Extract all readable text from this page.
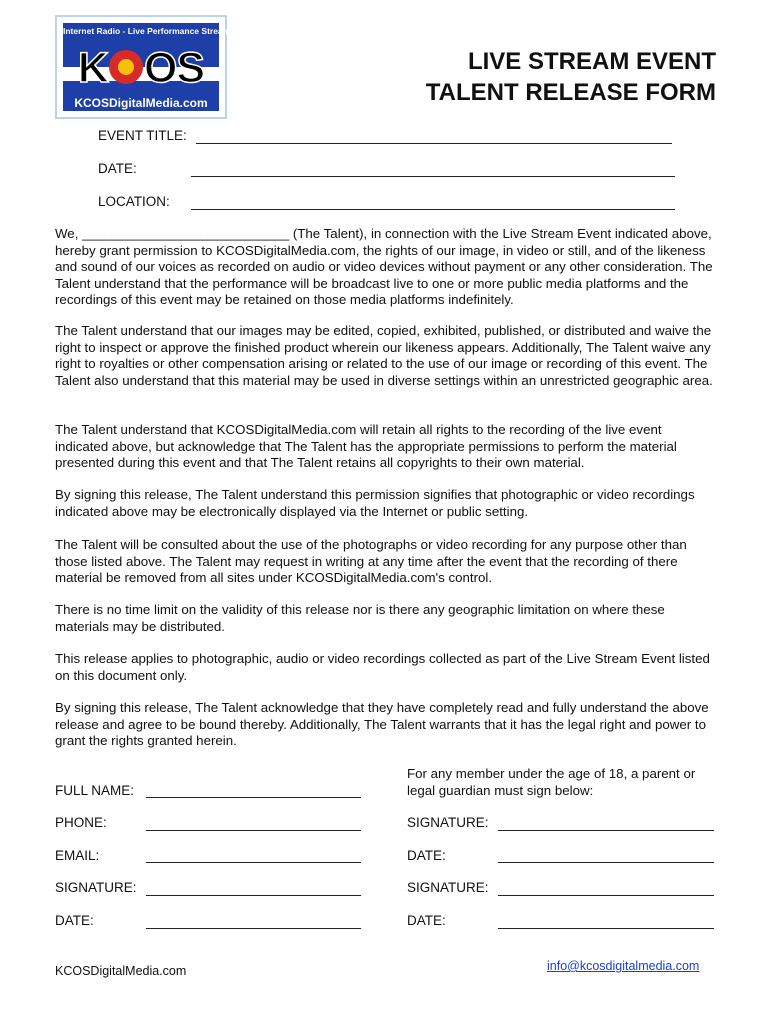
Internet Radio - Live Performance Streaming
KCOSDigitalMedia.com
K OS	LIVE STREAM EVENT
TALENT RELEASE FORM
EVENT TITLE:
DATE:
LOCATION:

We, ____________________________ (The Talent), in connection with the Live Stream Event indicated above, hereby grant permission to KCOSDigitalMedia.com, the rights of our image, in video or still, and of the likeness and sound of our voices as recorded on audio or video devices without payment or any other consideration. The Talent understand that the performance will be broadcast live to one or more public media platforms and the recordings of this event may be retained on those media platforms indefinitely.

The Talent understand that our images may be edited, copied, exhibited, published, or distributed and waive the right to inspect or approve the finished product wherein our likeness appears. Additionally, The Talent waive any right to royalties or other compensation arising or related to the use of our image or recording of this event. The Talent also understand that this material may be used in diverse settings within an unrestricted geographic area.

The Talent understand that KCOSDigitalMedia.com will retain all rights to the recording of the live event indicated above, but acknowledge that The Talent has the appropriate permissions to perform the material presented during this event and that The Talent retains all copyrights to their own material.

By signing this release, The Talent understand this permission signifies that photographic or video recordings indicated above may be electronically displayed via the Internet or public setting.

The Talent will be consulted about the use of the photographs or video recording for any purpose other than those listed above. The Talent may request in writing at any time after the event that the recording of there material be removed from all sites under KCOSDigitalMedia.com's control.

There is no time limit on the validity of this release nor is there any geographic limitation on where these materials may be distributed.

This release applies to photographic, audio or video recordings collected as part of the Live Stream Event listed on this document only.

By signing this release, The Talent acknowledge that they have completely read and fully understand the above release and agree to be bound thereby. Additionally, The Talent warrants that it has the legal right and power to grant the rights granted herein.

FULL NAME:
PHONE:
EMAIL:
SIGNATURE:
DATE:
For any member under the age of 18, a parent or legal guardian must sign below:
SIGNATURE:
DATE:
SIGNATURE:
DATE:
KCOSDigitalMedia.com	info@kcosdigitalmedia.com
